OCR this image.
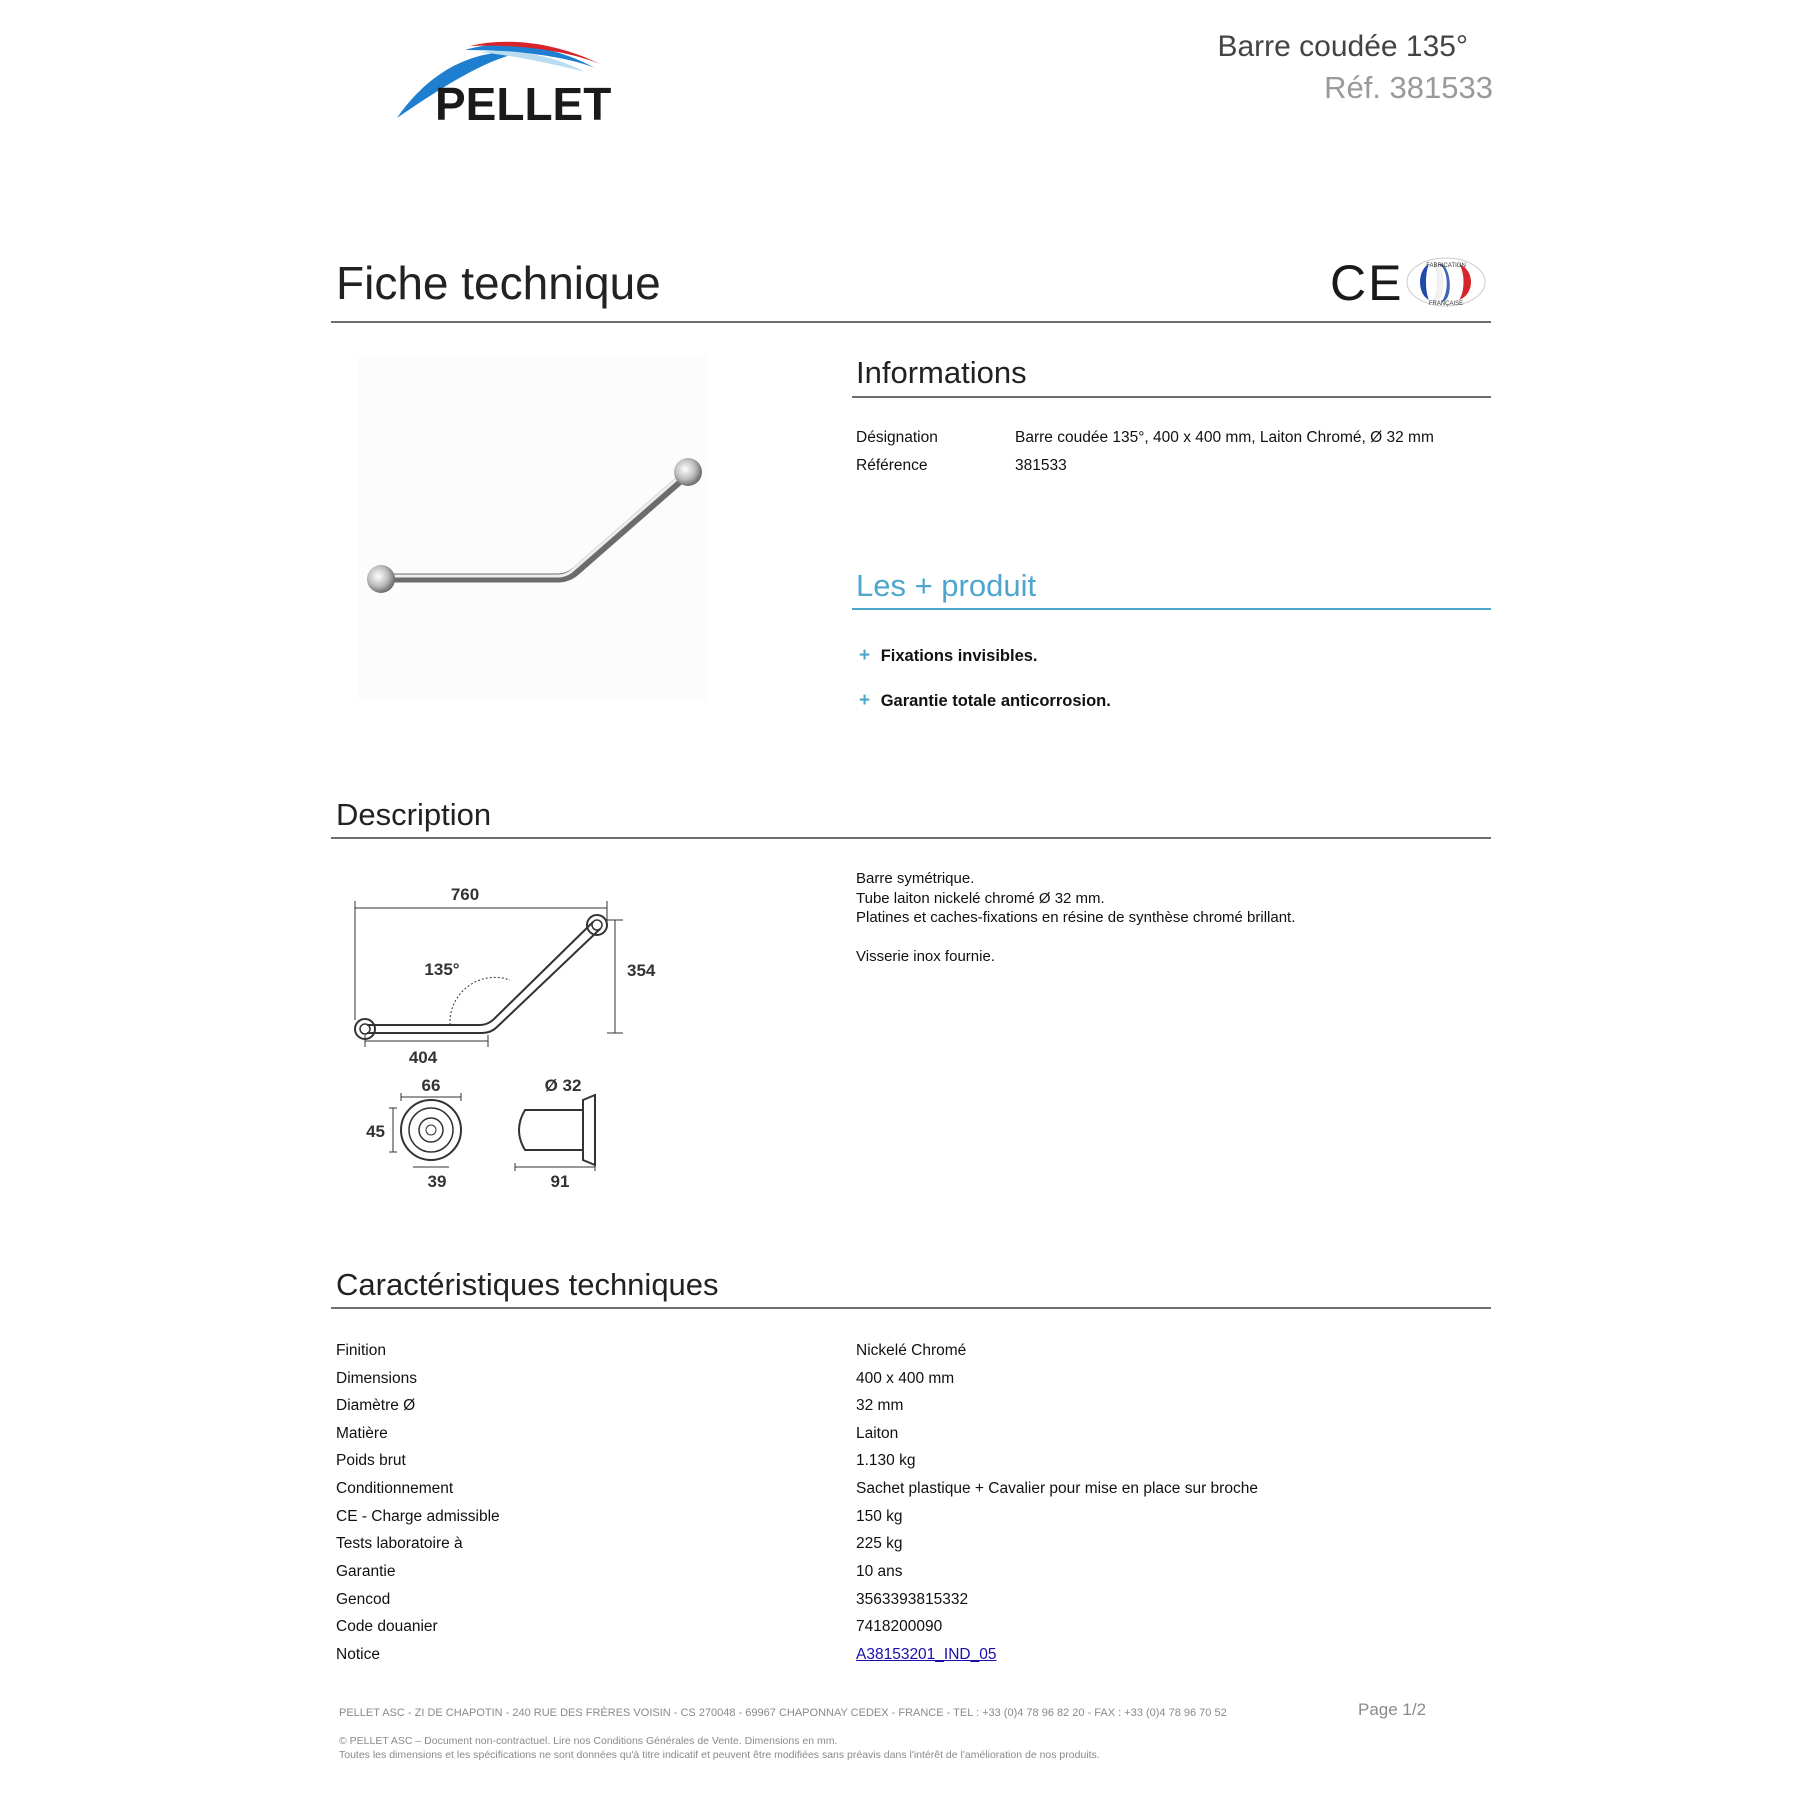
PELLET
Barre coudée 135°
Réf. 381533
Fiche technique	CE	FABRICATION
FRANÇAISE
Informations
Désignation	Barre coudée 135°, 400 x 400 mm, Laiton Chromé, Ø 32 mm
Référence	381533
Les + produit
+ Fixations invisibles.
+ Garantie totale anticorrosion.
Description
760
135°	354
404
66
45
39
Ø 32
91
Barre symétrique.
Tube laiton nickelé chromé Ø 32 mm.
Platines et caches-fixations en résine de synthèse chromé brillant.
Visserie inox fournie.
Caractéristiques techniques
Finition	Nickelé Chromé
Dimensions	400 x 400 mm
Diamètre Ø	32 mm
Matière	Laiton
Poids brut	1.130 kg
Conditionnement	Sachet plastique + Cavalier pour mise en place sur broche
CE - Charge admissible	150 kg
Tests laboratoire à	225 kg
Garantie	10 ans
Gencod	3563393815332
Code douanier	7418200090
Notice	A38153201_IND_05
PELLET ASC - ZI DE CHAPOTIN - 240 RUE DES FRÈRES VOISIN - CS 270048 - 69967 CHAPONNAY CEDEX - FRANCE - TEL : +33 (0)4 78 96 82 20 - FAX : +33 (0)4 78 96 70 52	Page 1/2
© PELLET ASC – Document non-contractuel. Lire nos Conditions Générales de Vente. Dimensions en mm.
Toutes les dimensions et les spécifications ne sont données qu'à titre indicatif et peuvent être modifiées sans préavis dans l'intérêt de l'amélioration de nos produits.
